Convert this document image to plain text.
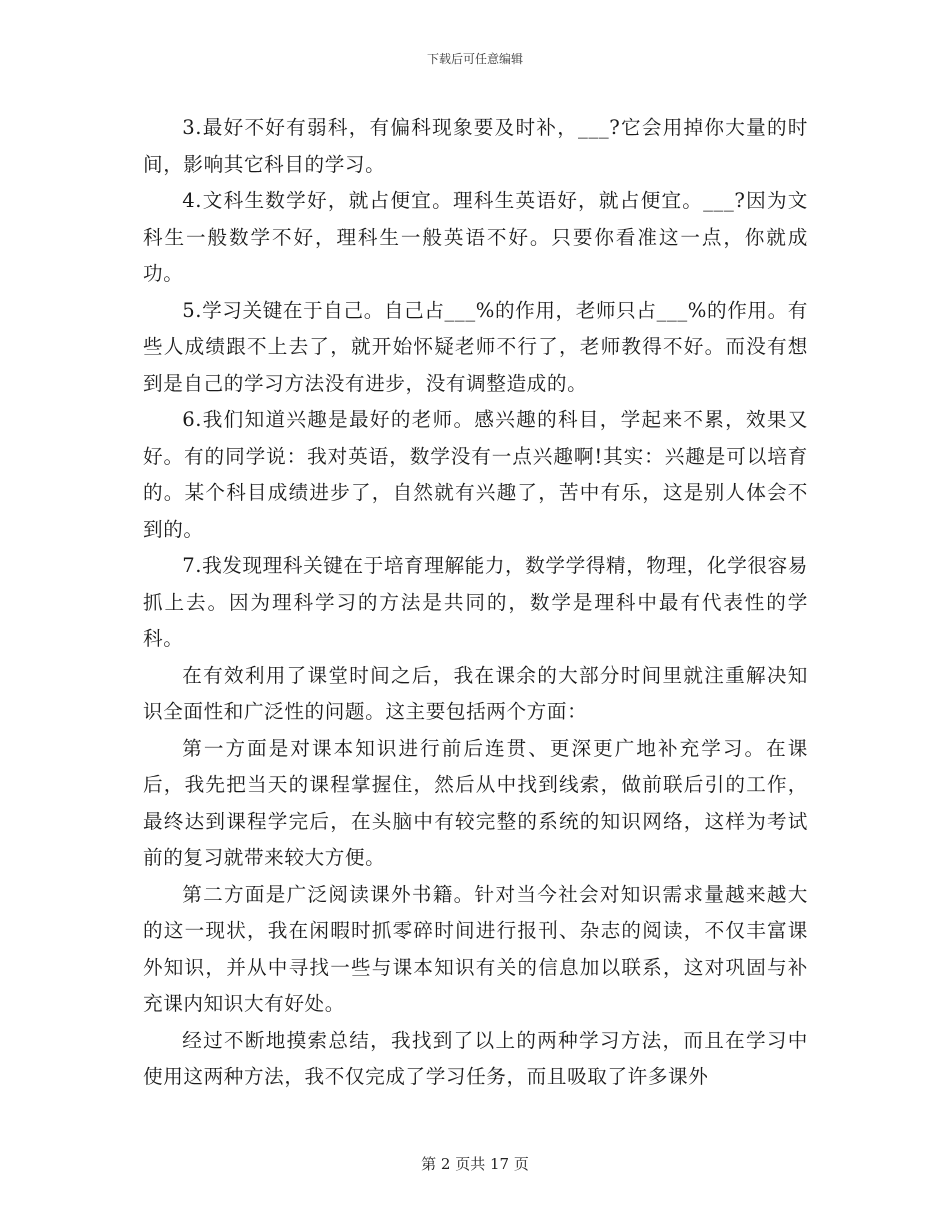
下载后可任意编辑

3.最好不好有弱科，有偏科现象要及时补，___?它会用掉你大量的时间，影响其它科目的学习。

4.文科生数学好，就占便宜。理科生英语好，就占便宜。___?因为文科生一般数学不好，理科生一般英语不好。只要你看准这一点，你就成功。

5.学习关键在于自己。自己占___%的作用，老师只占___%的作用。有些人成绩跟不上去了，就开始怀疑老师不行了，老师教得不好。而没有想到是自己的学习方法没有进步，没有调整造成的。

6.我们知道兴趣是最好的老师。感兴趣的科目，学起来不累，效果又好。有的同学说：我对英语，数学没有一点兴趣啊!其实：兴趣是可以培育的。某个科目成绩进步了，自然就有兴趣了，苦中有乐，这是别人体会不到的。

7.我发现理科关键在于培育理解能力，数学学得精，物理，化学很容易抓上去。因为理科学习的方法是共同的，数学是理科中最有代表性的学科。

在有效利用了课堂时间之后，我在课余的大部分时间里就注重解决知识全面性和广泛性的问题。这主要包括两个方面：

第一方面是对课本知识进行前后连贯、更深更广地补充学习。在课后，我先把当天的课程掌握住，然后从中找到线索，做前联后引的工作，最终达到课程学完后，在头脑中有较完整的系统的知识网络，这样为考试前的复习就带来较大方便。

第二方面是广泛阅读课外书籍。针对当今社会对知识需求量越来越大的这一现状，我在闲暇时抓零碎时间进行报刊、杂志的阅读，不仅丰富课外知识，并从中寻找一些与课本知识有关的信息加以联系，这对巩固与补充课内知识大有好处。

经过不断地摸索总结，我找到了以上的两种学习方法，而且在学习中使用这两种方法，我不仅完成了学习任务，而且吸取了许多课外

第 2 页共 17 页
